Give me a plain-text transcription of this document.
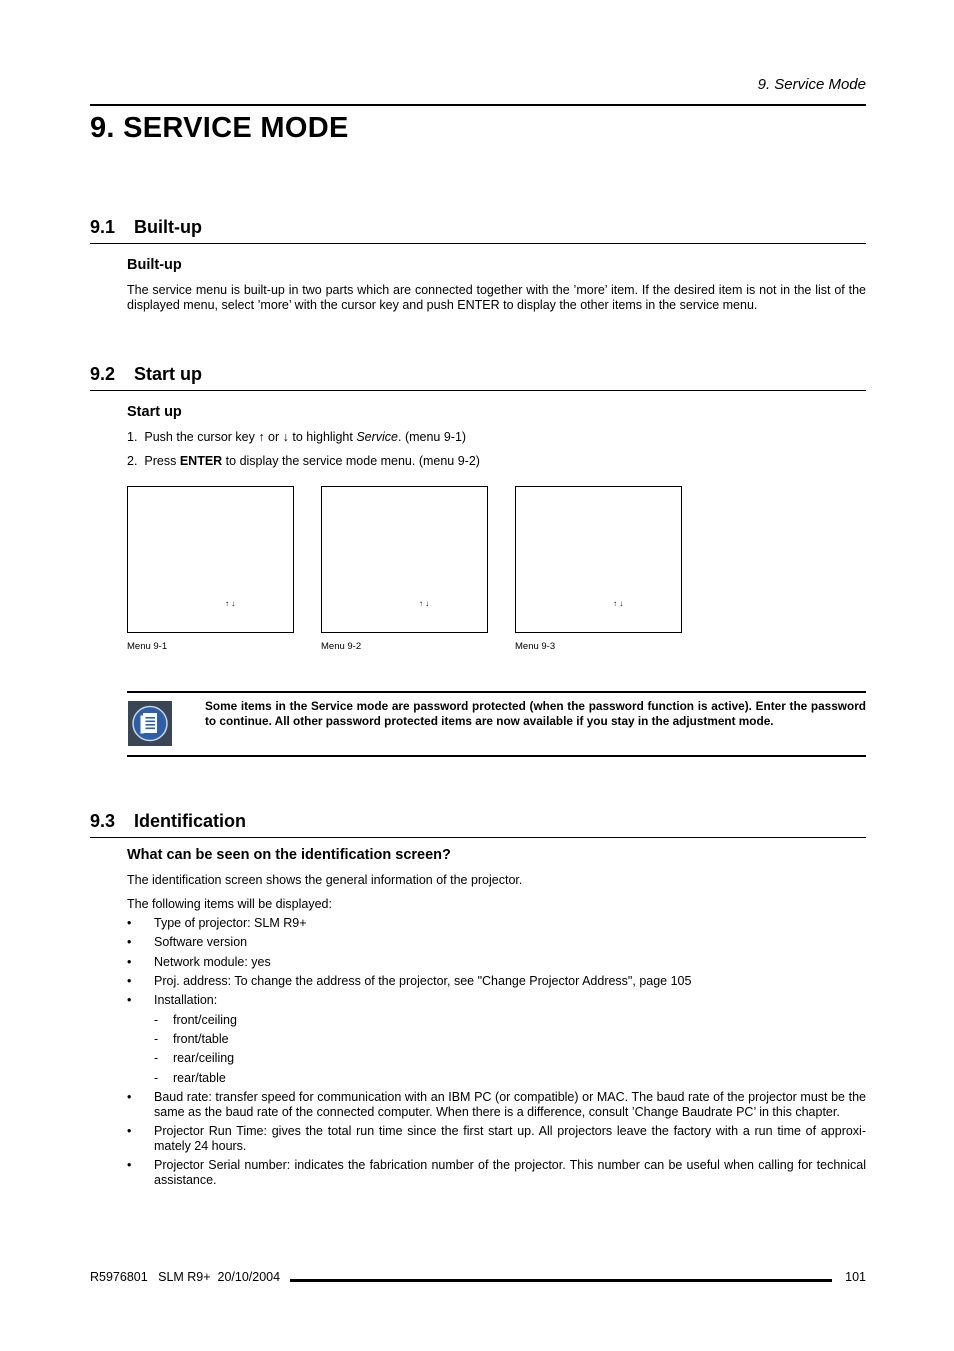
9. Service Mode
9. SERVICE MODE
9.1 Built-up
Built-up
The service menu is built-up in two parts which are connected together with the ’more’ item. If the desired item is not in the list of the displayed menu, select ’more’ with the cursor key and push ENTER to display the other items in the service menu.
9.2 Start up
Start up
1. Push the cursor key ↑ or ↓ to highlight Service. (menu 9-1)
2. Press ENTER to display the service mode menu. (menu 9-2)
↑ ↓	↑ ↓	↑ ↓
Menu 9-1	Menu 9-2	Menu 9-3
Some items in the Service mode are password protected (when the password function is active). Enter the password to continue. All other password protected items are now available if you stay in the adjustment mode.
9.3 Identification
What can be seen on the identification screen?
The identification screen shows the general information of the projector.
The following items will be displayed:
• Type of projector: SLM R9+
• Software version
• Network module: yes
• Proj. address: To change the address of the projector, see "Change Projector Address", page 105
• Installation:
- front/ceiling
- front/table
- rear/ceiling
- rear/table
• Baud rate: transfer speed for communication with an IBM PC (or compatible) or MAC. The baud rate of the projector must be the same as the baud rate of the connected computer. When there is a difference, consult ’Change Baudrate PC’ in this chapter.
• Projector Run Time: gives the total run time since the first start up. All projectors leave the factory with a run time of approxi-mately 24 hours.
• Projector Serial number: indicates the fabrication number of the projector. This number can be useful when calling for technical assistance.
R5976801   SLM R9+  20/10/2004	101
